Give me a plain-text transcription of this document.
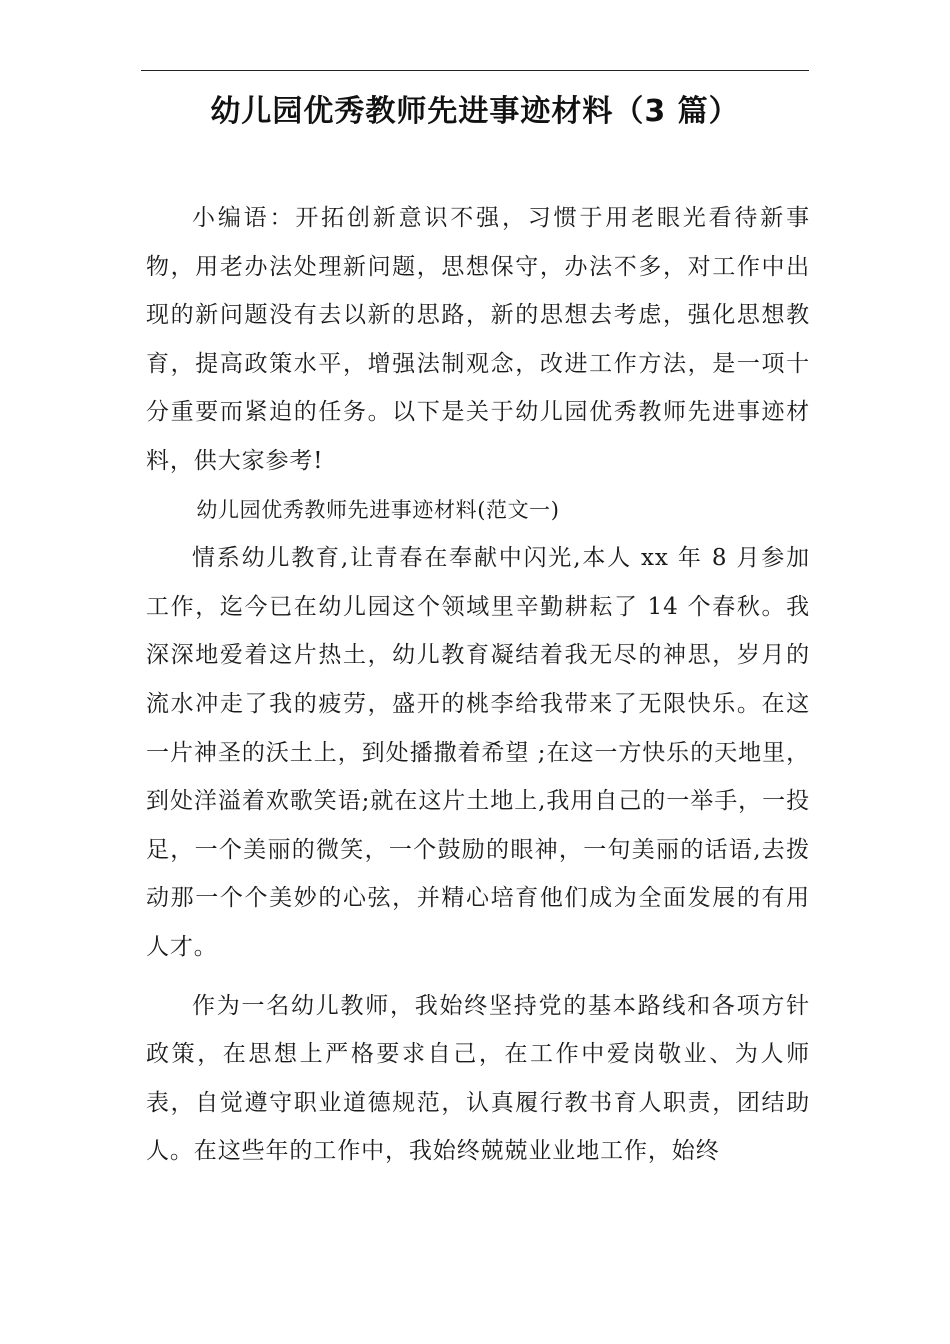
幼儿园优秀教师先进事迹材料（3 篇）

小编语：开拓创新意识不强，习惯于用老眼光看待新事物，用老办法处理新问题，思想保守，办法不多，对工作中出现的新问题没有去以新的思路，新的思想去考虑，强化思想教育，提高政策水平，增强法制观念，改进工作方法，是一项十分重要而紧迫的任务。以下是关于幼儿园优秀教师先进事迹材料，供大家参考!

幼儿园优秀教师先进事迹材料(范文一)

情系幼儿教育,让青春在奉献中闪光,本人 xx 年 8 月参加工作，迄今已在幼儿园这个领域里辛勤耕耘了 14 个春秋。我深深地爱着这片热土，幼儿教育凝结着我无尽的神思，岁月的流水冲走了我的疲劳，盛开的桃李给我带来了无限快乐。在这一片神圣的沃土上，到处播撒着希望 ;在这一方快乐的天地里，到处洋溢着欢歌笑语;就在这片土地上,我用自己的一举手，一投足，一个美丽的微笑，一个鼓励的眼神，一句美丽的话语,去拨动那一个个美妙的心弦，并精心培育他们成为全面发展的有用人才。

作为一名幼儿教师，我始终坚持党的基本路线和各项方针政策，在思想上严格要求自己，在工作中爱岗敬业、为人师表，自觉遵守职业道德规范，认真履行教书育人职责，团结助人。在这些年的工作中，我始终兢兢业业地工作，始终
